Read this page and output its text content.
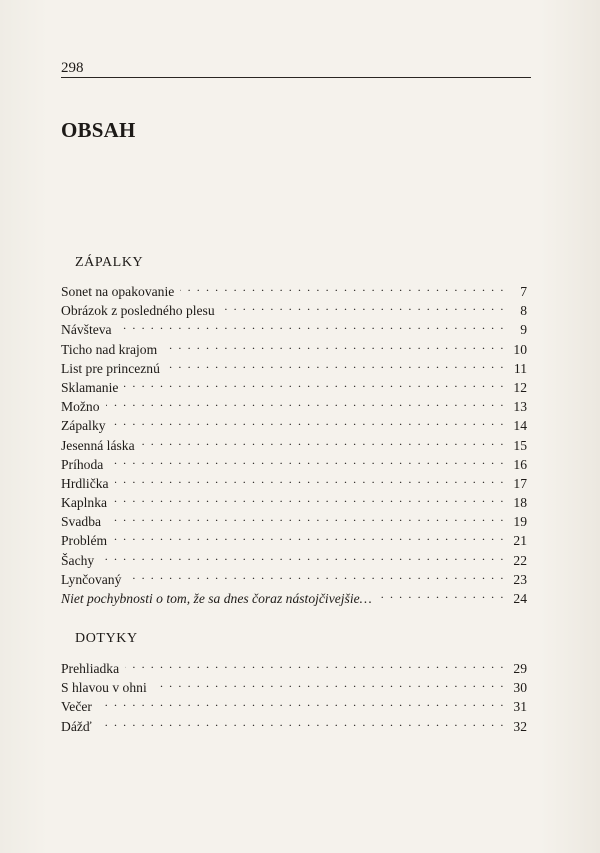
298
OBSAH
ZÁPALKY
Sonet na opakovanie . . .	7
Obrázok z posledného plesu . . .	8
Návšteva . . .	9
Ticho nad krajom . . .	10
List pre princeznú . . .	11
Sklamanie . . .	12
Možno . . .	13
Zápalky . . .	14
Jesenná láska . . .	15
Príhoda . . .	16
Hrdlička . . .	17
Kaplnka . . .	18
Svadba . . .	19
Problém . . .	21
Šachy . . .	22
Lynčovaný . . .	23
Niet pochybnosti o tom, že sa dnes čoraz nástojčivejšie… . . .	24
DOTYKY
Prehliadka . . .	29
S hlavou v ohni . . .	30
Večer . . .	31
Dážď . . .	32
